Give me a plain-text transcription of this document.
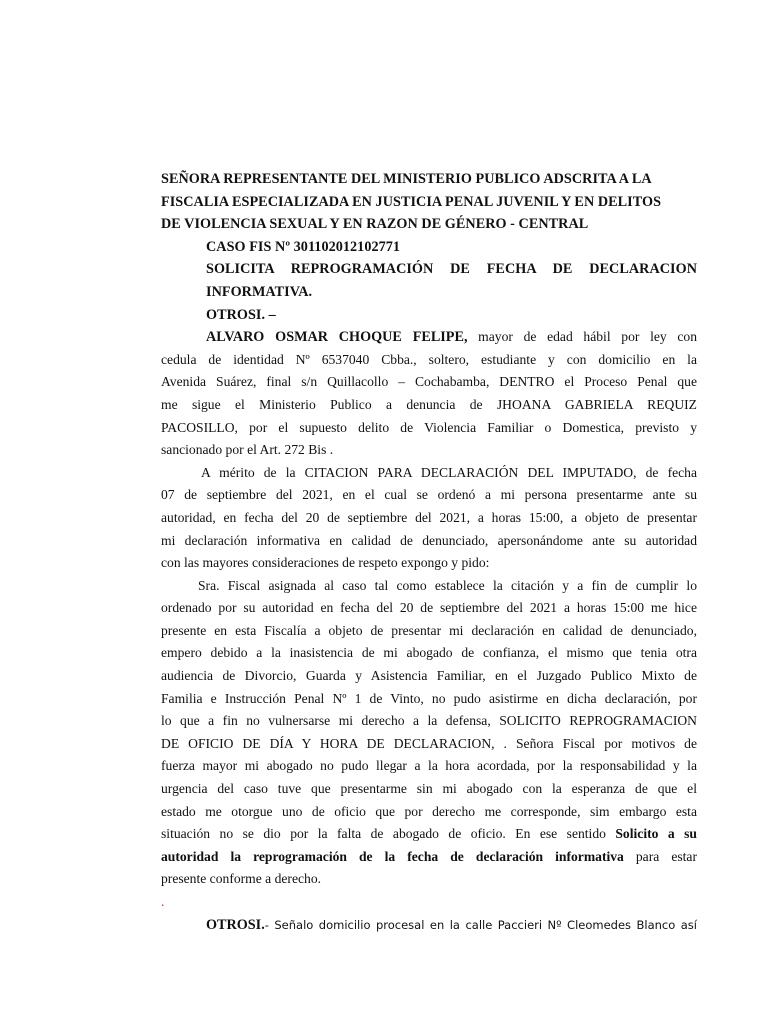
SEÑORA REPRESENTANTE DEL MINISTERIO PUBLICO ADSCRITA A LA
FISCALIA ESPECIALIZADA EN JUSTICIA PENAL JUVENIL Y EN DELITOS
DE VIOLENCIA SEXUAL Y EN RAZON DE GÉNERO - CENTRAL
CASO FIS Nº 301102012102771
SOLICITA REPROGRAMACIÓN DE FECHA DE DECLARACION
INFORMATIVA.
OTROSI. –
ALVARO OSMAR CHOQUE FELIPE, mayor de edad hábil por ley con
cedula de identidad Nº 6537040 Cbba., soltero, estudiante y con domicilio en la
Avenida Suárez, final s/n Quillacollo – Cochabamba, DENTRO el Proceso Penal que
me sigue el Ministerio Publico a denuncia de JHOANA GABRIELA REQUIZ
PACOSILLO, por el supuesto delito de Violencia Familiar o Domestica, previsto y
sancionado por el Art. 272 Bis .
A mérito de la CITACION PARA DECLARACIÓN DEL IMPUTADO, de fecha
07 de septiembre del 2021, en el cual se ordenó a mi persona presentarme ante su
autoridad, en fecha del 20 de septiembre del 2021, a horas 15:00, a objeto de presentar
mi declaración informativa en calidad de denunciado, apersonándome ante su autoridad
con las mayores consideraciones de respeto expongo y pido:
Sra. Fiscal asignada al caso tal como establece la citación y a fin de cumplir lo
ordenado por su autoridad en fecha del 20 de septiembre del 2021 a horas 15:00 me hice
presente en esta Fiscalía a objeto de presentar mi declaración en calidad de denunciado,
empero debido a la inasistencia de mi abogado de confianza, el mismo que tenia otra
audiencia de Divorcio, Guarda y Asistencia Familiar, en el Juzgado Publico Mixto de
Familia e Instrucción Penal Nº 1 de Vinto, no pudo asistirme en dicha declaración, por
lo que a fin no vulnersarse mi derecho a la defensa, SOLICITO REPROGRAMACION
DE OFICIO DE DÍA Y HORA DE DECLARACION, . Señora Fiscal por motivos de
fuerza mayor mi abogado no pudo llegar a la hora acordada, por la responsabilidad y la
urgencia del caso tuve que presentarme sin mi abogado con la esperanza de que el
estado me otorgue uno de oficio que por derecho me corresponde, sim embargo esta
situación no se dio por la falta de abogado de oficio. En ese sentido Solicito a su
autoridad la reprogramación de la fecha de declaración informativa para estar
presente conforme a derecho.
.
OTROSI.- Señalo domicilio procesal en la calle Paccieri Nº Cleomedes Blanco así
